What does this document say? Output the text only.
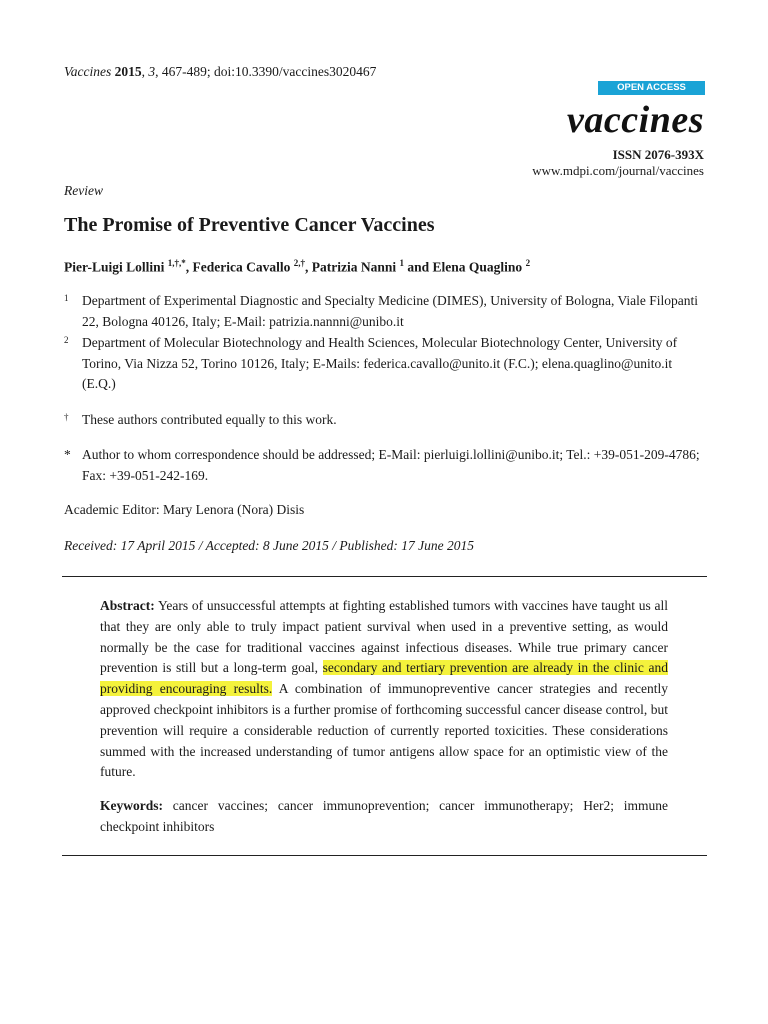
Vaccines 2015, 3, 467-489; doi:10.3390/vaccines3020467

OPEN ACCESS
vaccines
ISSN 2076-393X
www.mdpi.com/journal/vaccines
Review
The Promise of Preventive Cancer Vaccines
Pier-Luigi Lollini $^{1,\dagger,*}$, Federica Cavallo $^{2,\dagger}$, Patrizia Nanni $^1$ and Elena Quaglino $^2$
1 Department of Experimental Diagnostic and Specialty Medicine (DIMES), University of Bologna, Viale Filopanti 22, Bologna 40126, Italy; E-Mail: patrizia.nannni@unibo.it
2 Department of Molecular Biotechnology and Health Sciences, Molecular Biotechnology Center, University of Torino, Via Nizza 52, Torino 10126, Italy; E-Mails: federica.cavallo@unito.it (F.C.); elena.quaglino@unito.it (E.Q.)
† These authors contributed equally to this work.
* Author to whom correspondence should be addressed; E-Mail: pierluigi.lollini@unibo.it; Tel.: +39-051-209-4786; Fax: +39-051-242-169.
Academic Editor: Mary Lenora (Nora) Disis
Received: 17 April 2015 / Accepted: 8 June 2015 / Published: 17 June 2015

Abstract: Years of unsuccessful attempts at fighting established tumors with vaccines have taught us all that they are only able to truly impact patient survival when used in a preventive setting, as would normally be the case for traditional vaccines against infectious diseases. While true primary cancer prevention is still but a long-term goal, secondary and tertiary prevention are already in the clinic and providing encouraging results. A combination of immunopreventive cancer strategies and recently approved checkpoint inhibitors is a further promise of forthcoming successful cancer disease control, but prevention will require a considerable reduction of currently reported toxicities. These considerations summed with the increased understanding of tumor antigens allow space for an optimistic view of the future.

Keywords: cancer vaccines; cancer immunoprevention; cancer immunotherapy; Her2; immune checkpoint inhibitors
